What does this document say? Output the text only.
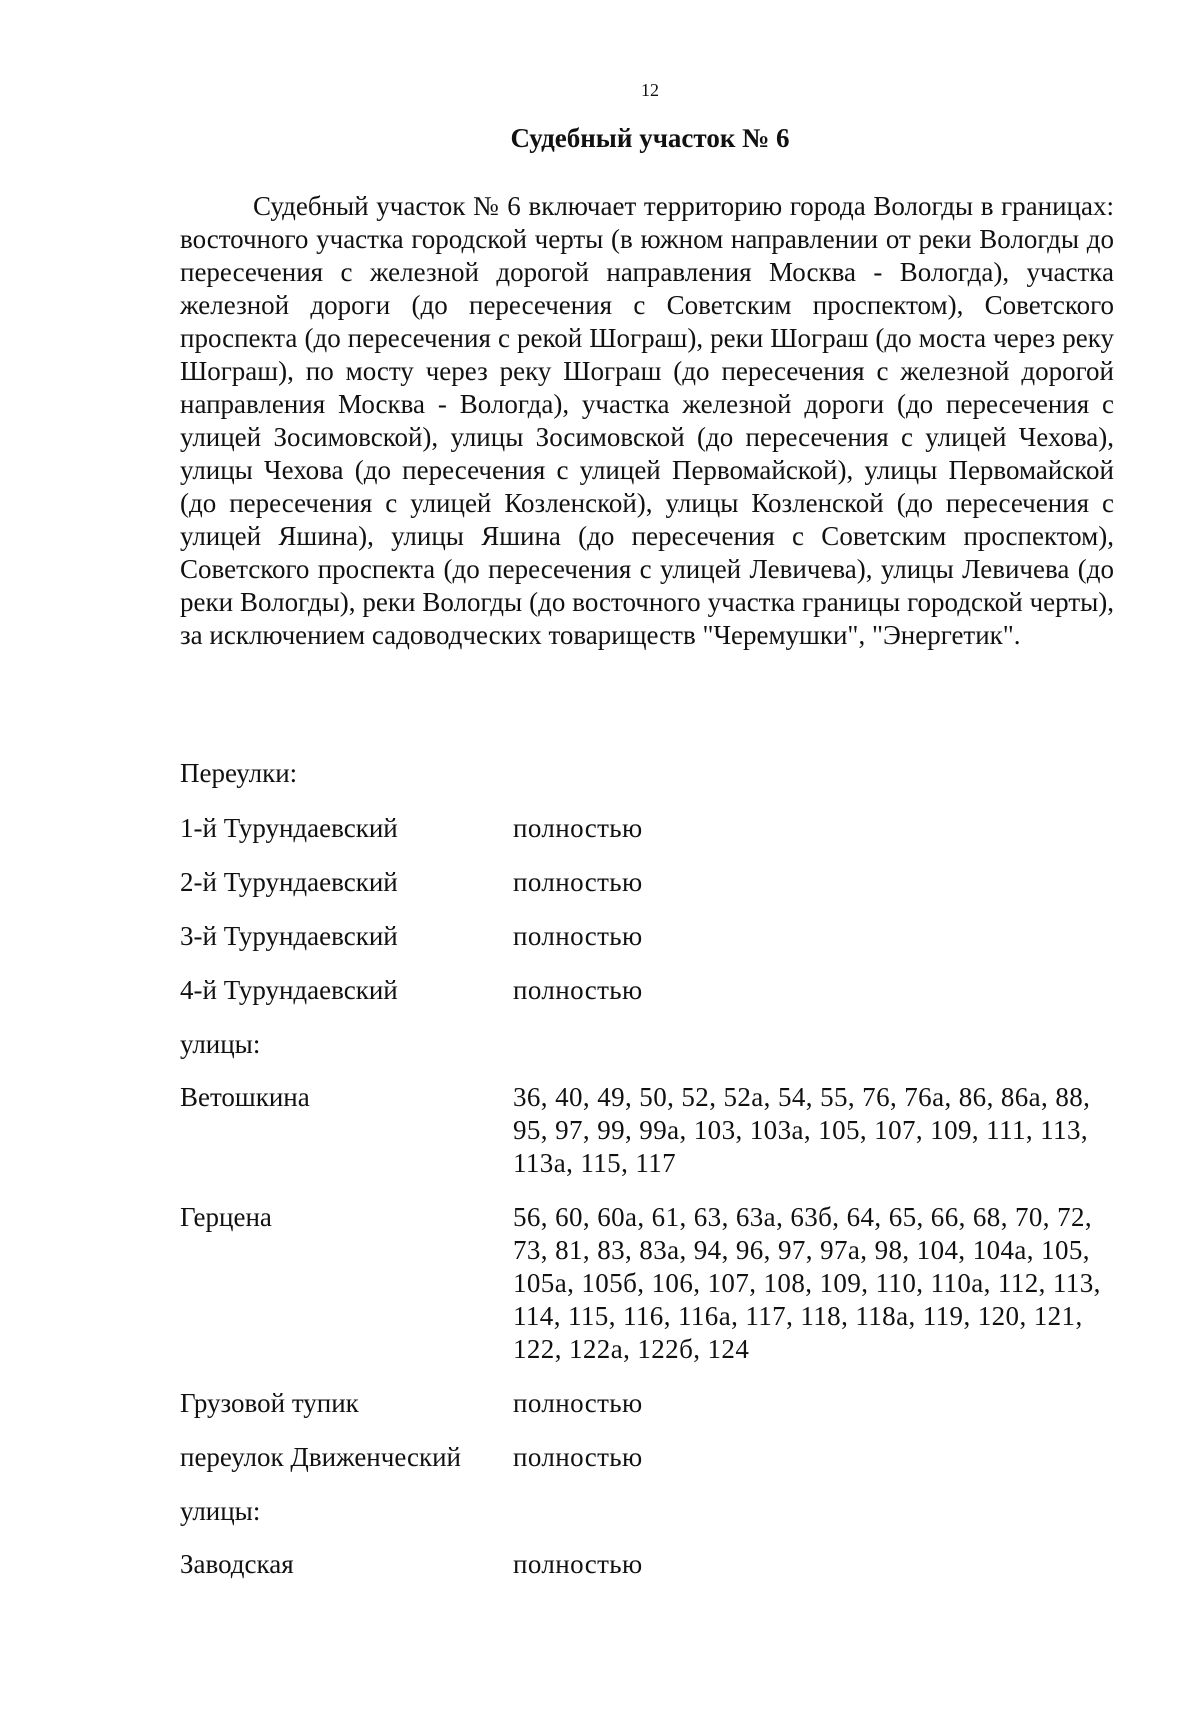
12
Судебный участок № 6

Судебный участок № 6 включает территорию города Вологды в границах: восточного участка городской черты (в южном направлении от реки Вологды до пересечения с железной дорогой направления Москва - Вологда), участка железной дороги (до пересечения с Советским проспектом), Советского проспекта (до пересечения с рекой Шограш), реки Шограш (до моста через реку Шограш), по мосту через реку Шограш (до пересечения с железной дорогой направления Москва - Вологда), участка железной дороги (до пересечения с улицей Зосимовской), улицы Зосимовской (до пересечения с улицей Чехова), улицы Чехова (до пересечения с улицей Первомайской), улицы Первомайской (до пересечения с улицей Козленской), улицы Козленской (до пересечения с улицей Яшина), улицы Яшина (до пересечения с Советским проспектом), Советского проспекта (до пересечения с улицей Левичева), улицы Левичева (до реки Вологды), реки Вологды (до восточного участка границы городской черты), за исключением садоводческих товариществ "Черемушки", "Энергетик".

Переулки:
1-й Турундаевский	полностью
2-й Турундаевский	полностью
3-й Турундаевский	полностью
4-й Турундаевский	полностью
улицы:
Ветошкина	36, 40, 49, 50, 52, 52а, 54, 55, 76, 76а, 86, 86а, 88, 95, 97, 99, 99а, 103, 103а, 105, 107, 109, 111, 113, 113а, 115, 117
Герцена	56, 60, 60а, 61, 63, 63а, 63б, 64, 65, 66, 68, 70, 72, 73, 81, 83, 83а, 94, 96, 97, 97а, 98, 104, 104а, 105, 105а, 105б, 106, 107, 108, 109, 110, 110а, 112, 113, 114, 115, 116, 116а, 117, 118, 118а, 119, 120, 121, 122, 122а, 122б, 124
Грузовой тупик	полностью
переулок Движенческий	полностью
улицы:
Заводская	полностью
